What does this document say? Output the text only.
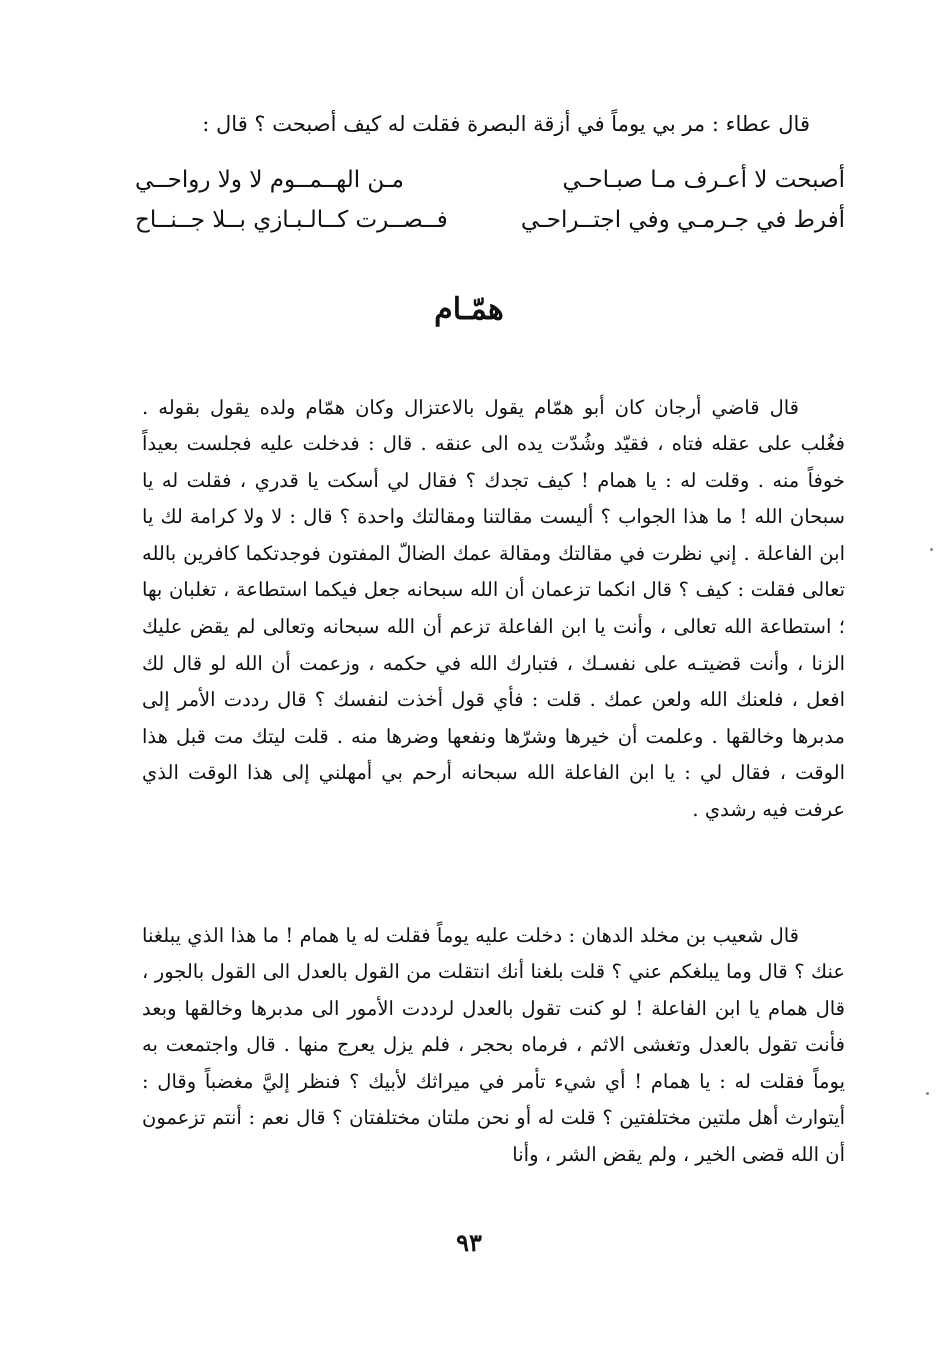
قال عطاء : مر بي يوماً في أزقة البصرة فقلت له كيف أصبحت ؟ قال :
أصبحت لا أعـرف مـا صبـاحـي
مـن الهــمــوم لا ولا رواحــي
أفرط في جـرمـي وفي اجتــراحـي
فــصــرت كــالـبـازي بــلا جــنــاح
همّـام

قال قاضي أرجان كان أبو همّام يقول بالاعتزال وكان همّام ولده يقول بقوله . فغُلب على عقله فتاه ، فقيّد وشُدّت يده الى عنقه . قال : فدخلت عليه فجلست بعيداً خوفاً منه . وقلت له : يا همام ! كيف تجدك ؟ فقال لي أسكت يا قدري ، فقلت له يا سبحان الله ! ما هذا الجواب ؟ أليست مقالتنا ومقالتك واحدة ؟ قال : لا ولا كرامة لك يا ابن الفاعلة . إني نظرت في مقالتك ومقالة عمك الضالّ المفتون فوجدتكما كافرين بالله تعالى فقلت : كيف ؟ قال انكما تزعمان أن الله سبحانه جعل فيكما استطاعة ، تغلبان بها ؛ استطاعة الله تعالى ، وأنت يا ابن الفاعلة تزعم أن الله سبحانه وتعالى لم يقض عليك الزنا ، وأنت قضيتـه على نفسـك ، فتبارك الله في حكمه ، وزعمت أن الله لو قال لك افعل ، فلعنك الله ولعن عمك . قلت : فأي قول أخذت لنفسك ؟ قال رددت الأمر إلى مدبرها وخالقها . وعلمت أن خيرها وشرّها ونفعها وضرها منه . قلت ليتك مت قبل هذا الوقت ، فقال لي : يا ابن الفاعلة الله سبحانه أرحم بي أمهلني إلى هذا الوقت الذي عرفت فيه رشدي .

قال شعيب بن مخلد الدهان : دخلت عليه يوماً فقلت له يا همام ! ما هذا الذي يبلغنا عنك ؟ قال وما يبلغكم عني ؟ قلت بلغنا أنك انتقلت من القول بالعدل الى القول بالجور ، قال همام يا ابن الفاعلة ! لو كنت تقول بالعدل لرددت الأمور الى مدبرها وخالقها وبعد فأنت تقول بالعدل وتغشى الاثم ، فرماه بحجر ، فلم يزل يعرج منها . قال واجتمعت به يوماً فقلت له : يا همام ! أي شيء تأمر في ميراثك لأبيك ؟ فنظر إليَّ مغضباً وقال : أيتوارث أهل ملتين مختلفتين ؟ قلت له أو نحن ملتان مختلفتان ؟ قال نعم : أنتم تزعمون أن الله قضى الخير ، ولم يقض الشر ، وأنا

٩٣
